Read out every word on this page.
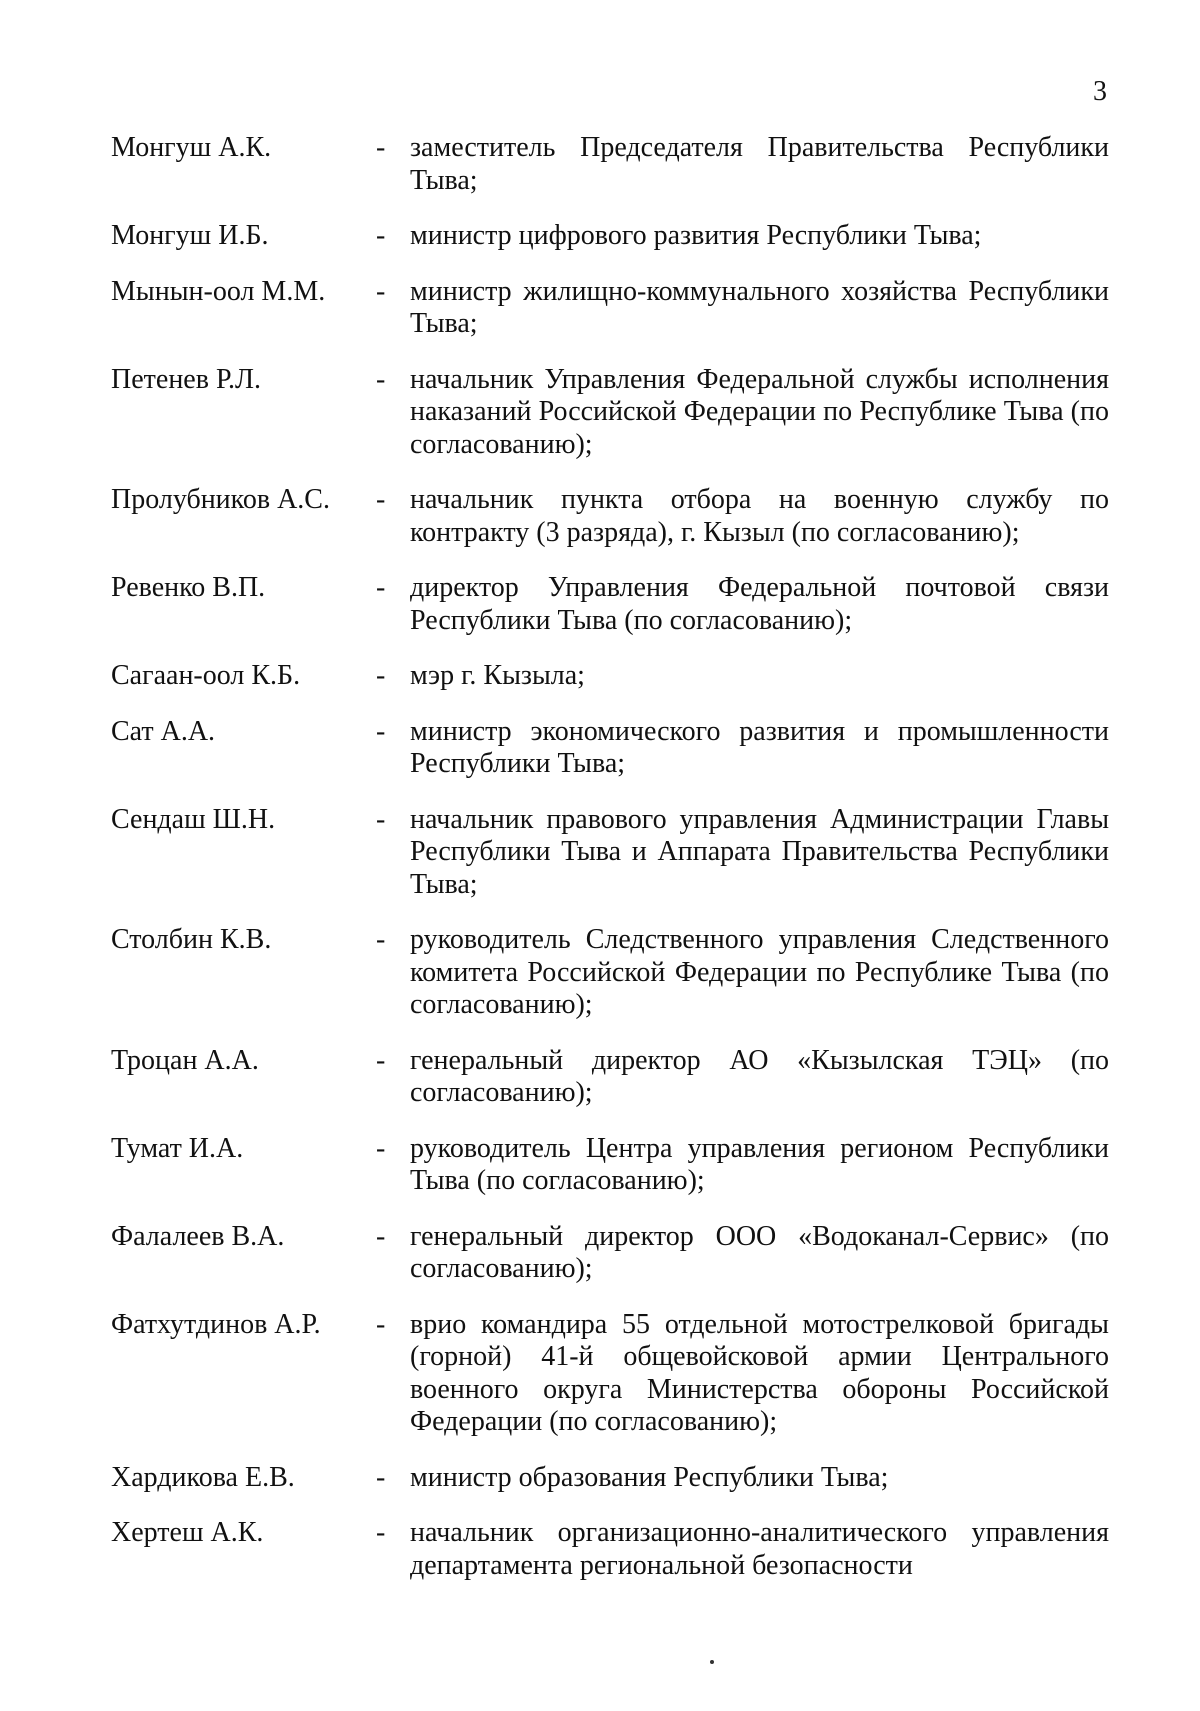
3
Монгуш А.К.	- заместитель Председателя Правительства Республики Тыва;
Монгуш И.Б.	- министр цифрового развития Республики Тыва;
Мынын-оол М.М. - министр жилищно-коммунального хозяйства Республики Тыва;
Петенев Р.Л.	- начальник Управления Федеральной службы исполнения наказаний Российской Федерации по Республике Тыва (по согласованию);
Пролубников А.С. - начальник пункта отбора на военную службу по контракту (3 разряда), г. Кызыл (по согласованию);
Ревенко В.П.	- директор Управления Федеральной почтовой связи Республики Тыва (по согласованию);
Сагаан-оол К.Б.	- мэр г. Кызыла;
Сат А.А.	- министр экономического развития и промышленности Республики Тыва;
Сендаш Ш.Н.	- начальник правового управления Администрации Главы Республики Тыва и Аппарата Правительства Республики Тыва;
Столбин К.В.	- руководитель Следственного управления Следственного комитета Российской Федерации по Республике Тыва (по согласованию);
Троцан А.А.	- генеральный директор АО «Кызылская ТЭЦ» (по согласованию);
Тумат И.А.	- руководитель Центра управления регионом Республики Тыва (по согласованию);
Фалалеев В.А.	- генеральный директор ООО «Водоканал-Сервис» (по согласованию);
Фатхутдинов А.Р. - врио командира 55 отдельной мотострелковой бригады (горной) 41-й общевойсковой армии Центрального военного округа Министерства обороны Российской Федерации (по согласованию);
Хардикова Е.В.	- министр образования Республики Тыва;
Хертеш А.К.	- начальник организационно-аналитического управления департамента региональной безопасности
